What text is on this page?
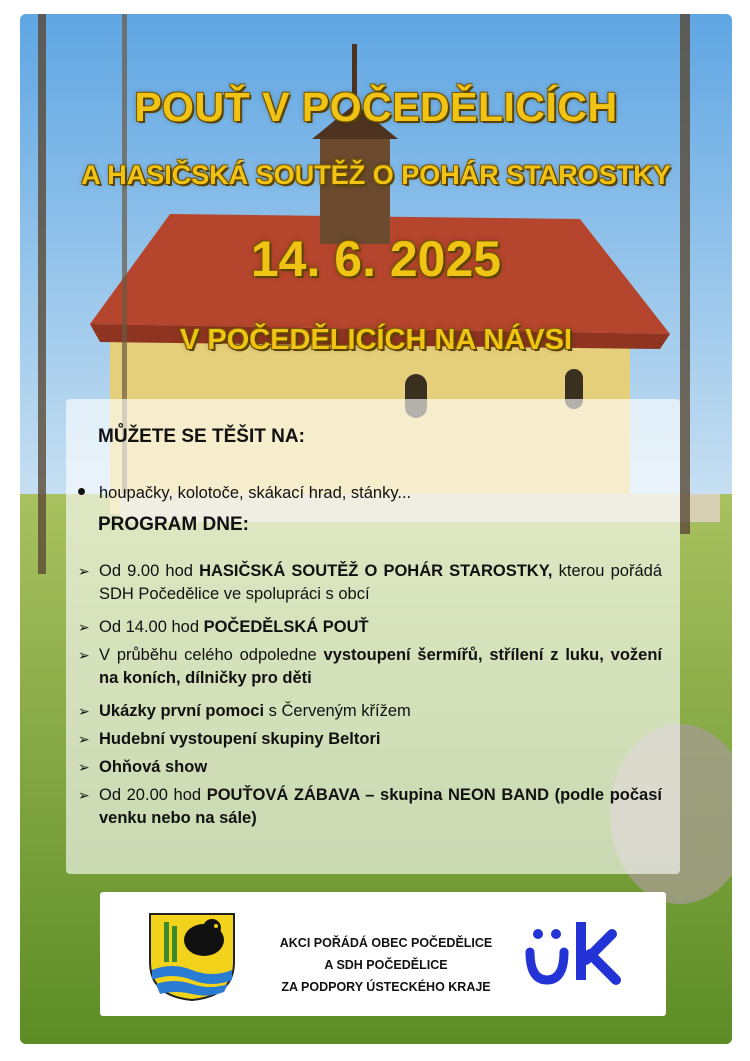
POUŤ V POČEDĚLICÍCH
A HASIČSKÁ SOUTĚŽ O POHÁR STAROSTKY
14. 6. 2025
V POČEDĚLICÍCH NA NÁVSI
MŮŽETE SE TĚŠIT NA:
houpačky, kolotoče, skákací hrad, stánky...
PROGRAM DNE:
➢ Od 9.00 hod HASIČSKÁ SOUTĚŽ O POHÁR STAROSTKY, kterou pořádá SDH Počedělice ve spolupráci s obcí
➢ Od 14.00 hod POČEDĚLSKÁ POUŤ
➢ V průběhu celého odpoledne vystoupení šermířů, střílení z luku, vožení na koních, dílničky pro děti
➢ Ukázky první pomoci s Červeným křížem
➢ Hudební vystoupení skupiny Beltori
➢ Ohňová show
➢ Od 20.00 hod POUŤOVÁ ZÁBAVA – skupina NEON BAND (podle počasí venku nebo na sále)
AKCI POŘÁDÁ OBEC POČEDĚLICE
A SDH POČEDĚLICE
ZA PODPORY ÚSTECKÉHO KRAJE
